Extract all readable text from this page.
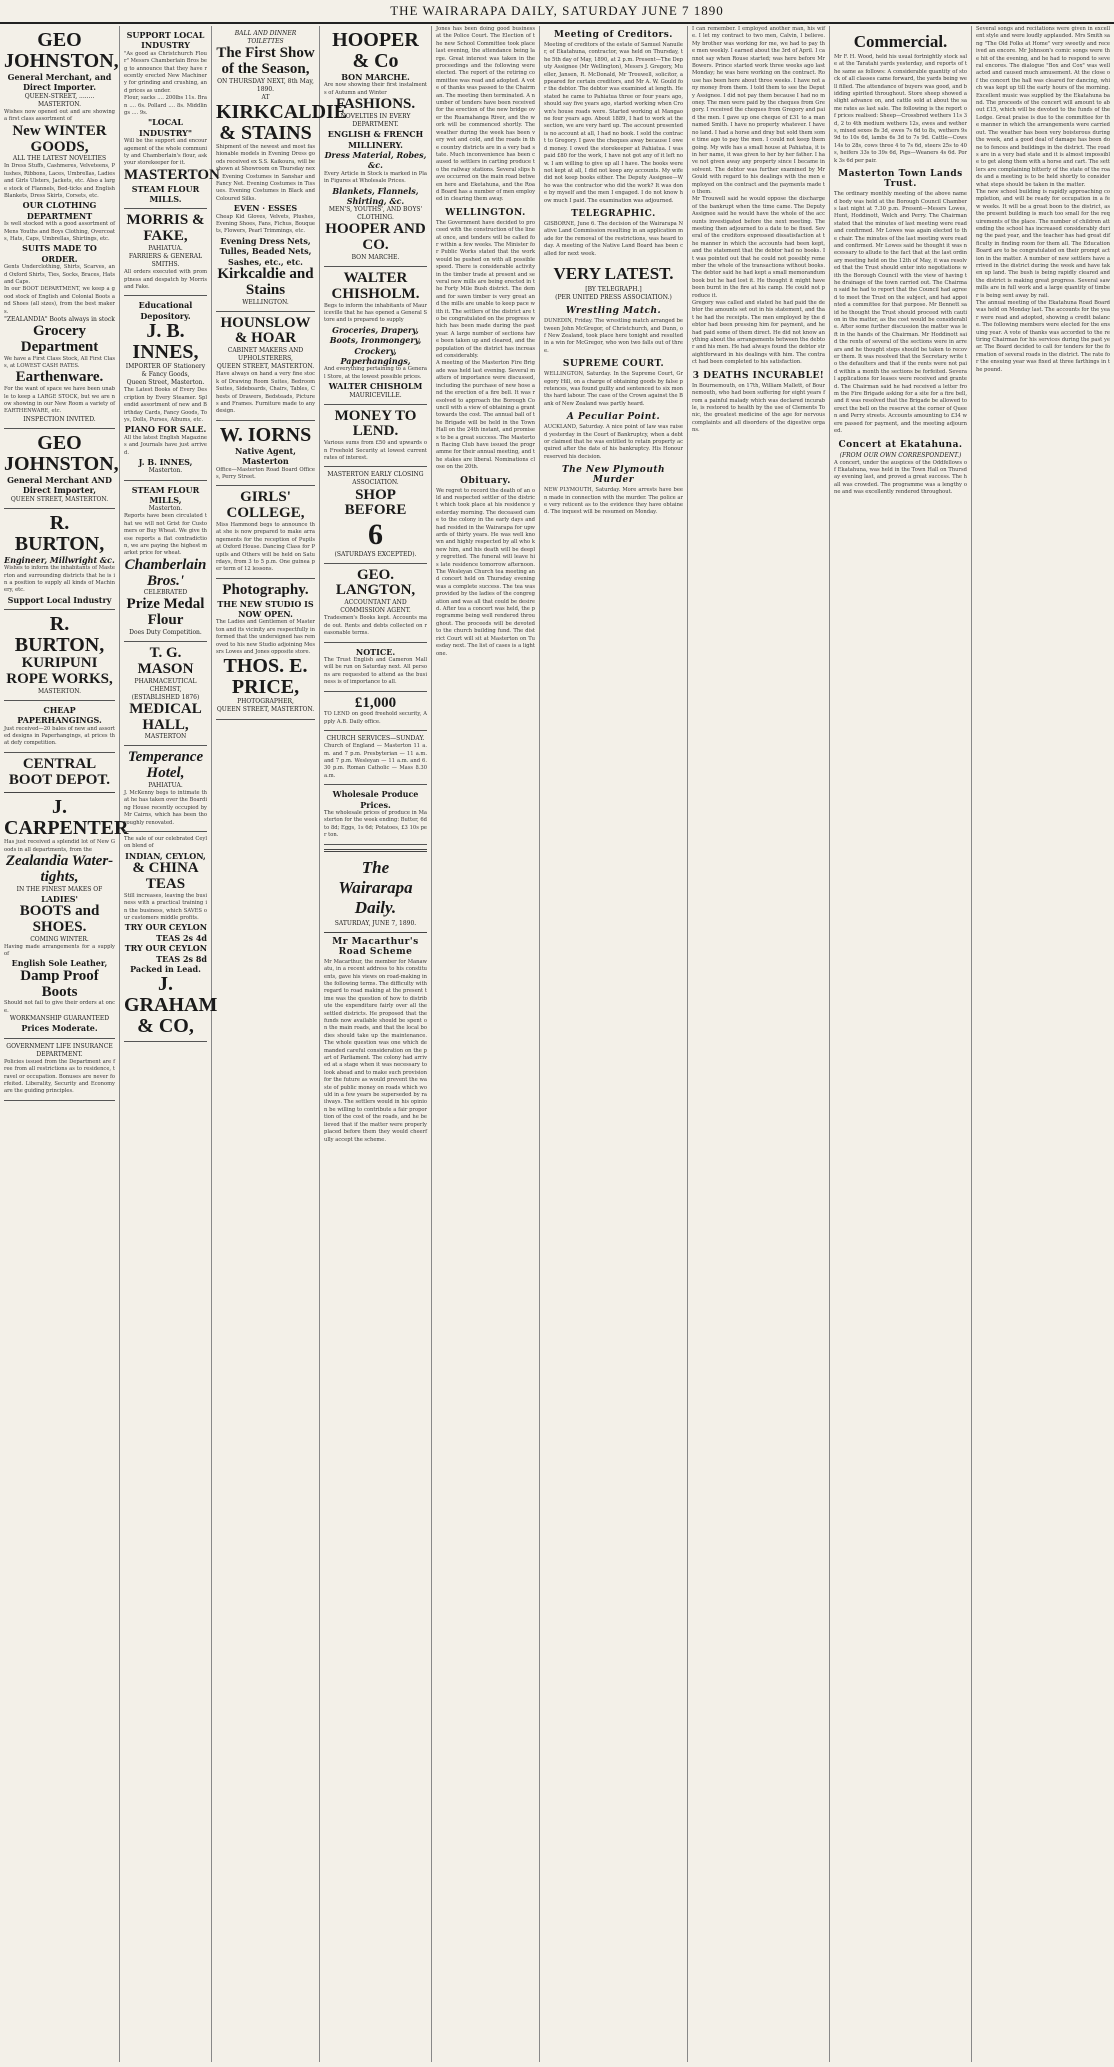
THE WAIRARAPA DAILY, SATURDAY JUNE 7 1890
GEO JOHNSTON,
General Merchant, and Direct Importer.
QUEEN-STREET, ........ MASTERTON.
Wishes now opened out and are showing a first class assortment of
New WINTER GOODS,
ALL THE LATEST NOVELTIES
In Dress Stuffs, Cashmeres, Velveteens, Plushes, Ribbons, Laces, Umbrellas, Ladies and Girls Ulsters, Jackets, etc. Also a large stock of Flannels, Bed-ticks and English Blankets, Dress Skirts, Corsets, etc.
OUR CLOTHING DEPARTMENT
Is well stocked with a good assortment of Mens Youths and Boys Clothing, Overcoats, Hats, Caps, Umbrellas, Shirtings, etc.
SUITS MADE TO ORDER.
Gents Underclothing, Shirts, Scarves, and Oxford Shirts, Ties, Socks, Braces, Hats and Caps.
In our BOOT DEPARTMENT, we keep a good stock of English and Colonial Boots and Shoes (all sizes), from the best makers.
"ZEALANDIA" Boots always in stock
Grocery Department
We have a First Class Stock, All First Class, at LOWEST CASH RATES.
Earthenware.
For the want of space we have been unable to keep a LARGE STOCK, but we are now showing in our New Room a variety of EARTHENWARE, etc.
INSPECTION INVITED.
GEO JOHNSTON,
General Merchant AND Direct Importer,
QUEEN STREET, MASTERTON.
R. BURTON,
Engineer, Millwright &c.
Wishes to inform the inhabitants of Masterton and surrounding districts that he is in a position to supply all kinds of Machinery, etc.
Support Local Industry
R. BURTON,
KURIPUNI ROPE WORKS,
MASTERTON.
CHEAP PAPERHANGINGS.
Just received—20 bales of new and assorted designs in Paperhangings, at prices that defy competition.
CENTRAL
BOOT DEPOT.
J. CARPENTER
Has just received a splendid lot of New Goods in all departments, from the
Zealandia Water-tights,
IN THE FINEST MAKES OF
LADIES'
BOOTS and SHOES.
COMING WINTER.
Having made arrangements for a supply of
English Sole Leather,
Damp Proof Boots
Should not fail to give their orders at once.
WORKMANSHIP GUARANTEED
Prices Moderate.
GOVERNMENT LIFE INSURANCE DEPARTMENT.
Policies issued from the Department are free from all restrictions as to residence, travel or occupation. Bonuses are never forfeited. Liberality, Security and Economy are the guiding principles.
SUPPORT LOCAL INDUSTRY
"As good as Christchurch Flour" Messrs Chamberlain Bros beg to announce that they have recently erected New Machinery for grinding and crushing, and prices as under.
Flour, sacks .... 200lbs 11s. Bran .... 6s. Pollard .... 8s. Middlings .... 9s.
"LOCAL INDUSTRY"
Will be the support and encouragement of the whole community and Chamberlain's flour, ask your storekeeper for it.
MASTERTON
STEAM FLOUR MILLS.
MORRIS & FAKE,
PAHIATUA.
FARRIERS & GENERAL SMITHS.
All orders executed with promptness and despatch by Morris and Fake.
Educational Depository.
J. B. INNES,
IMPORTER OF Stationery & Fancy Goods,
Queen Street, Masterton.
The Latest Books of Every Description by Every Steamer. Splendid assortment of new and Birthday Cards, Fancy Goods, Toys, Dolls, Purses, Albums, etc.
PIANO FOR SALE.
All the latest English Magazines and Journals have just arrived.
J. B. INNES,
Masterton.
STEAM FLOUR MILLS,
Masterton.
Reports have been circulated that we will not Grist for Customers or Buy Wheat. We give these reports a flat contradiction, we are paying the highest market price for wheat.
Chamberlain Bros.'
CELEBRATED
Prize Medal Flour
Does Duty Competition.
T. G. MASON
PHARMACEUTICAL CHEMIST,
(ESTABLISHED 1876)
MEDICAL HALL,
MASTERTON
Temperance Hotel,
PAHIATUA.
J. McKenny begs to intimate that he has taken over the Boarding House recently occupied by Mr Cairns, which has been thoroughly renovated.
The sale of our celebrated Ceylon blend of
INDIAN, CEYLON,
& CHINA TEAS
Still increases, leaving the business with a practical training in the business, which SAVES our customers middle profits.
TRY OUR CEYLON TEAS 2s 4d
TRY OUR CEYLON TEAS 2s 8d
Packed in Lead.
J. GRAHAM & CO,
BALL AND DINNER TOILETTES
The First Show of the Season,
ON THURSDAY NEXT, 8th May, 1890.
AT
KIRKCALDIE
& STAINS
Shipment of the newest and most fashionable models in Evening Dress goods received ex S.S. Kaikoura, will be shown at Showroom on Thursday next. Evening Costumes in Sanshar and Fancy Net. Evening Costumes in Tissues. Evening Costumes in Black and Coloured Silks.
EVEN · ESSES
Cheap Kid Gloves, Velvets, Plushes, Evening Shoes, Fans, Fichus, Bouquets, Flowers, Pearl Trimmings, etc.
Evening Dress Nets, Tulles, Beaded Nets, Sashes, etc., etc.
Kirkcaldie and Stains
WELLINGTON.
HOUNSLOW & HOAR
CABINET MAKERS AND UPHOLSTERERS,
QUEEN STREET, MASTERTON.
Have always on hand a very fine stock of Drawing Room Suites, Bedroom Suites, Sideboards, Chairs, Tables, Chests of Drawers, Bedsteads, Pictures and Frames. Furniture made to any design.
W. IORNS
Native Agent, Masterton
Office—Masterton Road Board Offices, Perry Street.
GIRLS' COLLEGE,
Miss Hammond begs to announce that she is now prepared to make arrangements for the reception of Pupils at Oxford House. Dancing Class for Pupils and Others will be held on Saturdays, from 3 to 5 p.m. One guinea per term of 12 lessons.
Photography.
THE NEW STUDIO IS NOW OPEN.
The Ladies and Gentlemen of Masterton and its vicinity are respectfully informed that the undersigned has removed to his new Studio adjoining Messrs Lowes and Jones opposite store.
THOS. E. PRICE,
PHOTOGRAPHER,
QUEEN STREET, MASTERTON.
HOOPER & Co
BON MARCHE.
Are now showing their first instalments of Autumn and Winter
FASHIONS.
NOVELTIES IN EVERY DEPARTMENT.
ENGLISH & FRENCH MILLINERY.
Dress Material, Robes, &c.
Every Article in Stock is marked in Plain Figures at Wholesale Prices.
Blankets, Flannels, Shirting, &c.
MEN'S, YOUTHS', AND BOYS' CLOTHING.
HOOPER AND CO.
BON MARCHE.
WALTER CHISHOLM.
Begs to inform the inhabitants of Mauriceville that he has opened a General Store and is prepared to supply
Groceries, Drapery, Boots, Ironmongery,
Crockery, Paperhangings,
And everything pertaining to a General Store, at the lowest possible prices.
WALTER CHISHOLM
MAURICEVILLE.
MONEY TO LEND.
Various sums from £50 and upwards on Freehold Security at lowest current rates of interest.
MASTERTON EARLY CLOSING ASSOCIATION.
SHOP BEFORE
6
(SATURDAYS EXCEPTED).
GEO. LANGTON,
ACCOUNTANT AND COMMISSION AGENT.
Tradesmen's Books kept. Accounts made out. Rents and debts collected on reasonable terms.
NOTICE.
The Trust English and Cameron Mall will be run on Saturday next. All persons are requested to attend as the business is of importance to all.
£1,000
TO LEND on good freehold security, Apply A.B. Daily office.
CHURCH SERVICES—SUNDAY.
Church of England — Masterton 11 a.m. and 7 p.m. Presbyterian — 11 a.m. and 7 p.m. Wesleyan — 11 a.m. and 6.30 p.m. Roman Catholic — Mass 8.30 a.m.
Wholesale Produce Prices.
The wholesale prices of produce in Masterton for the week ending: Butter, 6d to 8d; Eggs, 1s 6d; Potatoes, £3 10s per ton.
The Wairarapa Daily.
SATURDAY, JUNE 7, 1890.
Mr Macarthur's Road Scheme
Mr Macarthur, the member for Manawatu, in a recent address to his constituents, gave his views on road-making in the following terms. The difficulty with regard to road making at the present time was the question of how to distribute the expenditure fairly over all the settled districts. He proposed that the funds now available should be spent on the main roads, and that the local bodies should take up the maintenance. The whole question was one which demanded careful consideration on the part of Parliament. The colony had arrived at a stage when it was necessary to look ahead and to make such provision for the future as would prevent the waste of public money on roads which would in a few years be superseded by railways. The settlers would in his opinion be willing to contribute a fair proportion of the cost of the roads, and he believed that if the matter were properly placed before them they would cheerfully accept the scheme.
Jones has been doing good business at the Police Court. The Election of the new School Committee took place last evening, the attendance being large. Great interest was taken in the proceedings and the following were elected. The report of the retiring committee was read and adopted. A vote of thanks was passed to the Chairman. The meeting then terminated. A number of tenders have been received for the erection of the new bridge over the Ruamahanga River, and the work will be commenced shortly. The weather during the week has been very wet and cold, and the roads in the country districts are in a very bad state. Much inconvenience has been caused to settlers in carting produce to the railway stations. Several slips have occurred on the main road between here and Eketahuna, and the Road Board has a number of men employed in clearing them away.
WELLINGTON.
The Government have decided to proceed with the construction of the line at once, and tenders will be called for within a few weeks. The Minister for Public Works stated that the work would be pushed on with all possible speed. There is considerable activity in the timber trade at present and several new mills are being erected in the Forty Mile Bush district. The demand for sawn timber is very great and the mills are unable to keep pace with it. The settlers of the district are to be congratulated on the progress which has been made during the past year. A large number of sections have been taken up and cleared, and the population of the district has increased considerably.
A meeting of the Masterton Fire Brigade was held last evening. Several matters of importance were discussed, including the purchase of new hose and the erection of a fire bell. It was resolved to approach the Borough Council with a view of obtaining a grant towards the cost. The annual ball of the Brigade will be held in the Town Hall on the 24th instant, and promises to be a great success. The Masterton Racing Club have issued the programme for their annual meeting, and the stakes are liberal. Nominations close on the 20th.
Obituary.
We regret to record the death of an old and respected settler of the district which took place at his residence yesterday morning. The deceased came to the colony in the early days and had resided in the Wairarapa for upwards of thirty years. He was well known and highly respected by all who knew him, and his death will be deeply regretted. The funeral will leave his late residence tomorrow afternoon. The Wesleyan Church tea meeting and concert held on Thursday evening was a complete success. The tea was provided by the ladies of the congregation and was all that could be desired. After tea a concert was held, the programme being well rendered throughout. The proceeds will be devoted to the church building fund. The district Court will sit at Masterton on Tuesday next. The list of cases is a light one.
Meeting of Creditors.
Meeting of creditors of the estate of Samuel Nanuiler, of Ekatahuna, contractor, was held on Thursday, the 5th day of May, 1890, at 2 p.m. Present—The Deputy Assignee (Mr Wellington), Messrs J. Gregory, Mueller, Jansen, R. McDonald, Mr Trouwell, solicitor, appeared for certain creditors, and Mr A. W. Gould for the debtor. The debtor was examined at length. He stated he came to Pahiatua three or four years ago, should say five years ago, started working when Crown's house roads were. Started working at Mangaone four years ago. About 1889, I had to work at the section, we are very hard up. The account presented is no account at all, I had no book. I sold the contract to Gregory. I gave the cheques away because I owed money. I owed the storekeeper at Pahiatua. I was paid £80 for the work, I have not got any of it left now. I am willing to give up all I have. The books were not kept at all, I did not keep any accounts. My wife did not keep books either. The Deputy Assignee—Who was the contractor who did the work? It was done by myself and the men I engaged. I do not know how much I paid. The examination was adjourned.
TELEGRAPHIC.
GISBORNE, June 6. The decision of the Wairarapa Native Land Commission resulting in an application made for the removal of the restrictions, was heard today. A meeting of the Native Land Board has been called for next week.
VERY LATEST.
[BY TELEGRAPH.]
(PER UNITED PRESS ASSOCIATION.)
Wrestling Match.
DUNEDIN, Friday. The wrestling match arranged between John McGregor, of Christchurch, and Dunn, of New Zealand, took place here tonight and resulted in a win for McGregor, who won two falls out of three.
SUPREME COURT.
WELLINGTON, Saturday. In the Supreme Court, Gregory Hill, on a charge of obtaining goods by false pretences, was found guilty and sentenced to six months hard labour. The case of the Crown against the Bank of New Zealand was partly heard.
A Peculiar Point.
AUCKLAND, Saturday. A nice point of law was raised yesterday in the Court of Bankruptcy, when a debtor claimed that he was entitled to retain property acquired after the date of his bankruptcy. His Honour reserved his decision.
The New Plymouth Murder
NEW PLYMOUTH, Saturday. More arrests have been made in connection with the murder. The police are very reticent as to the evidence they have obtained. The inquest will be resumed on Monday.
I can remember. I employed another man, his wife. I let my contract to two men, Calvin, I believe. My brother was working for me, we had to pay the men weekly. I earned about the 3rd of April. I cannot say when Rouse started; was here before Mr Bowers. Prince started work three weeks ago last Monday; he was here working on the contract. Rouse has been here about three weeks. I have not any money from them. I told them to see the Deputy Assignee. I did not pay them because I had no money. The men were paid by the cheques from Gregory. I received the cheques from Gregory and paid the men. I gave up one cheque of £31 to a man named Smith. I have no property whatever. I have no land. I had a horse and dray but sold them some time ago to pay the men. I could not keep them going. My wife has a small house at Pahiatua, it is in her name, it was given to her by her father. I have not given away any property since I became insolvent. The debtor was further examined by Mr Gould with regard to his dealings with the men employed on the contract and the payments made to them.
Mr Trouwell said he would oppose the discharge of the bankrupt when the time came. The Deputy Assignee said he would have the whole of the accounts investigated before the next meeting. The meeting then adjourned to a date to be fixed. Several of the creditors expressed dissatisfaction at the manner in which the accounts had been kept, and the statement that the debtor had no books. It was pointed out that he could not possibly remember the whole of the transactions without books. The debtor said he had kept a small memorandum book but he had lost it. He thought it might have been burnt in the fire at his camp. He could not produce it.
Gregory was called and stated he had paid the debtor the amounts set out in his statement, and that he had the receipts. The men employed by the debtor had been pressing him for payment, and he had paid some of them direct. He did not know anything about the arrangements between the debtor and his men. He had always found the debtor straightforward in his dealings with him. The contract had been completed to his satisfaction.
3 DEATHS INCURABLE!
In Bournemouth, on 17th, William Mallett, of Bournemouth, who had been suffering for eight years from a painful malady which was declared incurable, is restored to health by the use of Clements Tonic, the greatest medicine of the age for nervous complaints and all disorders of the digestive organs.
Commercial.
Mr F. H. Wood, held his usual fortnightly stock sale at the Taratahi yards yesterday, and reports of the same as follows: A considerable quantity of stock of all classes came forward, the yards being well filled. The attendance of buyers was good, and bidding spirited throughout. Store sheep showed a slight advance on, and cattle sold at about the same rates as last sale. The following is the report of prices realised: Sheep—Crossbred wethers 11s 3d, 2 to 4th medium wethers 12s, ewes and wethers, mixed sexes 8s 3d, ewes 7s 6d to 8s, wethers 9s 9d to 10s 6d, lambs 6s 3d to 7s 9d. Cattle—Cows 14s to 28s, cows three 4 to 7s 6d, steers 25s to 40s, heifers 33s to 39s 6d, Pigs—Weaners 4s 6d. Pork 3s 6d per pair.
Masterton Town Lands Trust.
The ordinary monthly meeting of the above named body was held at the Borough Council Chambers last night at 7.30 p.m. Present—Messrs Lowes, Hunt, Hoddinott, Welch and Perry. The Chairman stated that the minutes of last meeting were read and confirmed. Mr Lowes was again elected to the chair. The minutes of the last meeting were read and confirmed. Mr Lowes said he thought it was necessary to allude to the fact that at the last ordinary meeting held on the 12th of May, it was resolved that the Trust should enter into negotiations with the Borough Council with the view of having the drainage of the town carried out. The Chairman said he had to report that the Council had agreed to meet the Trust on the subject, and had appointed a committee for that purpose. Mr Bennett said he thought the Trust should proceed with caution in the matter, as the cost would be considerable. After some further discussion the matter was left in the hands of the Chairman. Mr Hoddinott said the rents of several of the sections were in arrears and he thought steps should be taken to recover them. It was resolved that the Secretary write to the defaulters and that if the rents were not paid within a month the sections be forfeited. Several applications for leases were received and granted. The Chairman said he had received a letter from the Fire Brigade asking for a site for a fire bell, and it was resolved that the Brigade be allowed to erect the bell on the reserve at the corner of Queen and Perry streets. Accounts amounting to £34 were passed for payment, and the meeting adjourned.
Concert at Ekatahuna.
(FROM OUR OWN CORRESPONDENT.)
A concert, under the auspices of the Oddfellows of Ekatahuna, was held in the Town Hall on Thursday evening last, and proved a great success. The hall was crowded. The programme was a lengthy one and was excellently rendered throughout.
Several songs and recitations were given in excellent style and were loudly applauded. Mrs Smith sang "The Old Folks at Home" very sweetly and received an encore. Mr Johnson's comic songs were the hit of the evening, and he had to respond to several encores. The dialogue "Box and Cox" was well acted and caused much amusement. At the close of the concert the hall was cleared for dancing, which was kept up till the early hours of the morning. Excellent music was supplied by the Ekatahuna band. The proceeds of the concert will amount to about £15, which will be devoted to the funds of the Lodge. Great praise is due to the committee for the manner in which the arrangements were carried out. The weather has been very boisterous during the week, and a good deal of damage has been done to fences and buildings in the district. The roads are in a very bad state and it is almost impossible to get along them with a horse and cart. The settlers are complaining bitterly of the state of the roads and a meeting is to be held shortly to consider what steps should be taken in the matter.
The new school building is rapidly approaching completion, and will be ready for occupation in a few weeks. It will be a great boon to the district, as the present building is much too small for the requirements of the place. The number of children attending the school has increased considerably during the past year, and the teacher has had great difficulty in finding room for them all. The Education Board are to be congratulated on their prompt action in the matter. A number of new settlers have arrived in the district during the week and have taken up land. The bush is being rapidly cleared and the district is making great progress. Several sawmills are in full work and a large quantity of timber is being sent away by rail.
The annual meeting of the Ekatahuna Road Board was held on Monday last. The accounts for the year were read and adopted, showing a credit balance. The following members were elected for the ensuing year. A vote of thanks was accorded to the retiring Chairman for his services during the past year. The Board decided to call for tenders for the formation of several roads in the district. The rate for the ensuing year was fixed at three farthings in the pound.
